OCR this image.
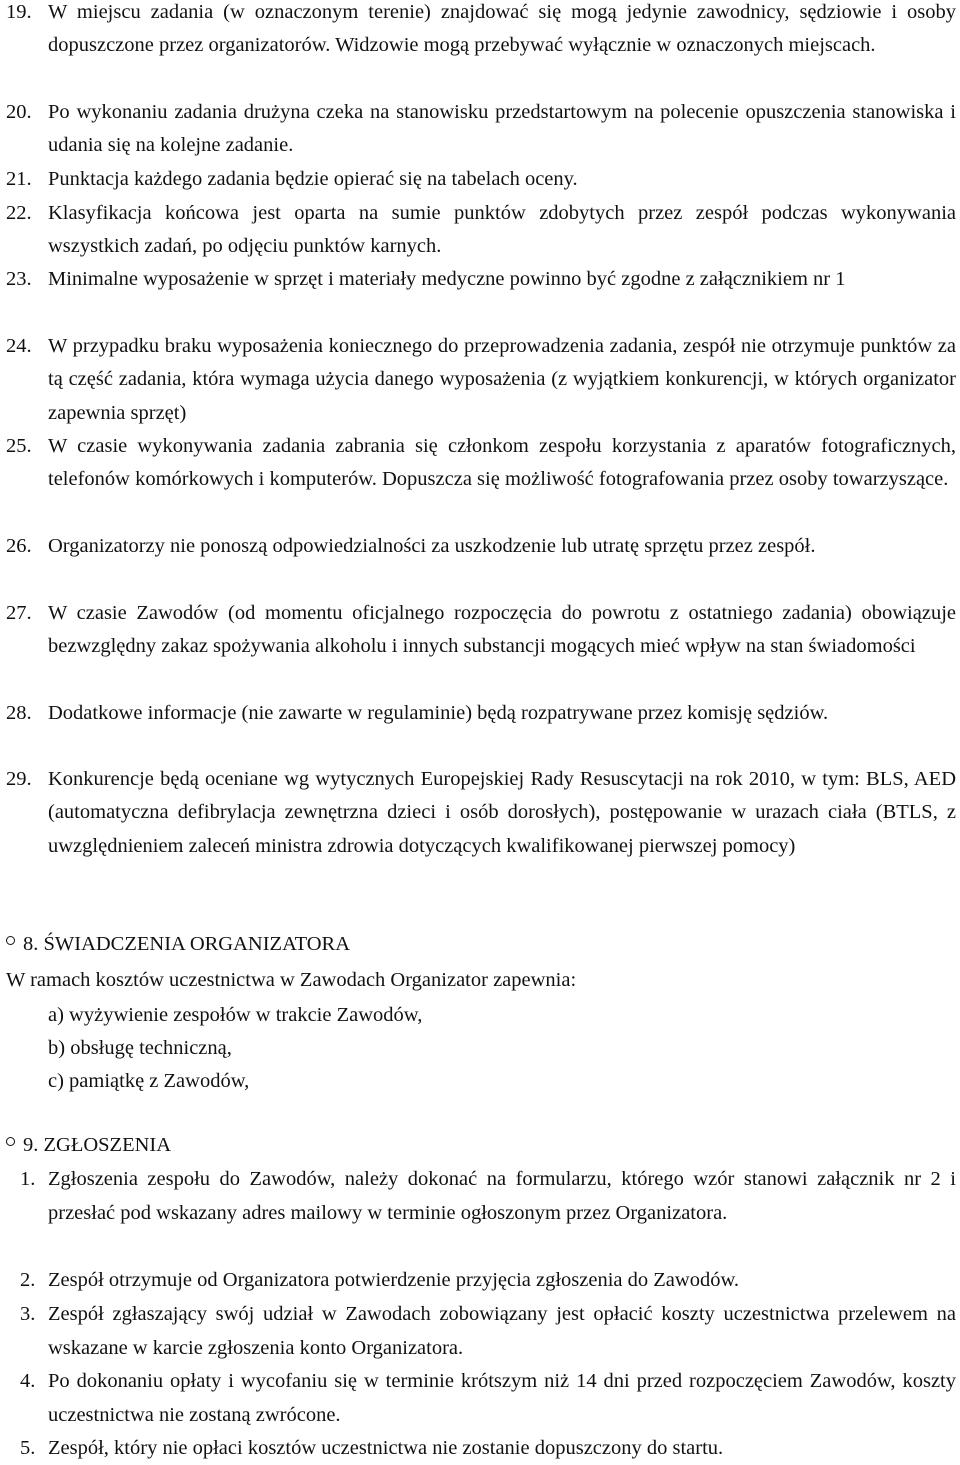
19. W miejscu zadania (w oznaczonym terenie) znajdować się mogą jedynie zawodnicy, sędziowie i osoby dopuszczone przez organizatorów. Widzowie mogą przebywać wyłącznie w oznaczonych miejscach.
20. Po wykonaniu zadania drużyna czeka na stanowisku przedstartowym na polecenie opuszczenia stanowiska i udania się na kolejne zadanie.
21. Punktacja każdego zadania będzie opierać się na tabelach oceny.
22. Klasyfikacja końcowa jest oparta na sumie punktów zdobytych przez zespół podczas wykonywania wszystkich zadań, po odjęciu punktów karnych.
23. Minimalne wyposażenie w sprzęt i materiały medyczne powinno być zgodne z załącznikiem nr 1
24. W przypadku braku wyposażenia koniecznego do przeprowadzenia zadania, zespół nie otrzymuje punktów za tą część zadania, która wymaga użycia danego wyposażenia (z wyjątkiem konkurencji, w których organizator zapewnia sprzęt)
25. W czasie wykonywania zadania zabrania się członkom zespołu korzystania z aparatów fotograficznych, telefonów komórkowych i komputerów. Dopuszcza się możliwość fotografowania przez osoby towarzyszące.
26. Organizatorzy nie ponoszą odpowiedzialności za uszkodzenie lub utratę sprzętu przez zespół.
27. W czasie Zawodów (od momentu oficjalnego rozpoczęcia do powrotu z ostatniego zadania) obowiązuje bezwzględny zakaz spożywania alkoholu i innych substancji mogących mieć wpływ na stan świadomości
28. Dodatkowe informacje (nie zawarte w regulaminie) będą rozpatrywane przez komisję sędziów.
29. Konkurencje będą oceniane wg wytycznych Europejskiej Rady Resuscytacji na rok 2010, w tym: BLS, AED (automatyczna defibrylacja zewnętrzna dzieci i osób dorosłych), postępowanie w urazach ciała (BTLS, z uwzględnieniem zaleceń ministra zdrowia dotyczących kwalifikowanej pierwszej pomocy)
8. ŚWIADCZENIA ORGANIZATORA
W ramach kosztów uczestnictwa w Zawodach Organizator zapewnia:
a) wyżywienie zespołów w trakcie Zawodów,
b) obsługę techniczną,
c) pamiątkę z Zawodów,
9. ZGŁOSZENIA
1. Zgłoszenia zespołu do Zawodów, należy dokonać na formularzu, którego wzór stanowi załącznik nr 2 i przesłać pod wskazany adres mailowy w terminie ogłoszonym przez Organizatora.
2. Zespół otrzymuje od Organizatora potwierdzenie przyjęcia zgłoszenia do Zawodów.
3. Zespół zgłaszający swój udział w Zawodach zobowiązany jest opłacić koszty uczestnictwa przelewem na wskazane w karcie zgłoszenia konto Organizatora.
4. Po dokonaniu opłaty i wycofaniu się w terminie krótszym niż 14 dni przed rozpoczęciem Zawodów, koszty uczestnictwa nie zostaną zwrócone.
5. Zespół, który nie opłaci kosztów uczestnictwa nie zostanie dopuszczony do startu.
